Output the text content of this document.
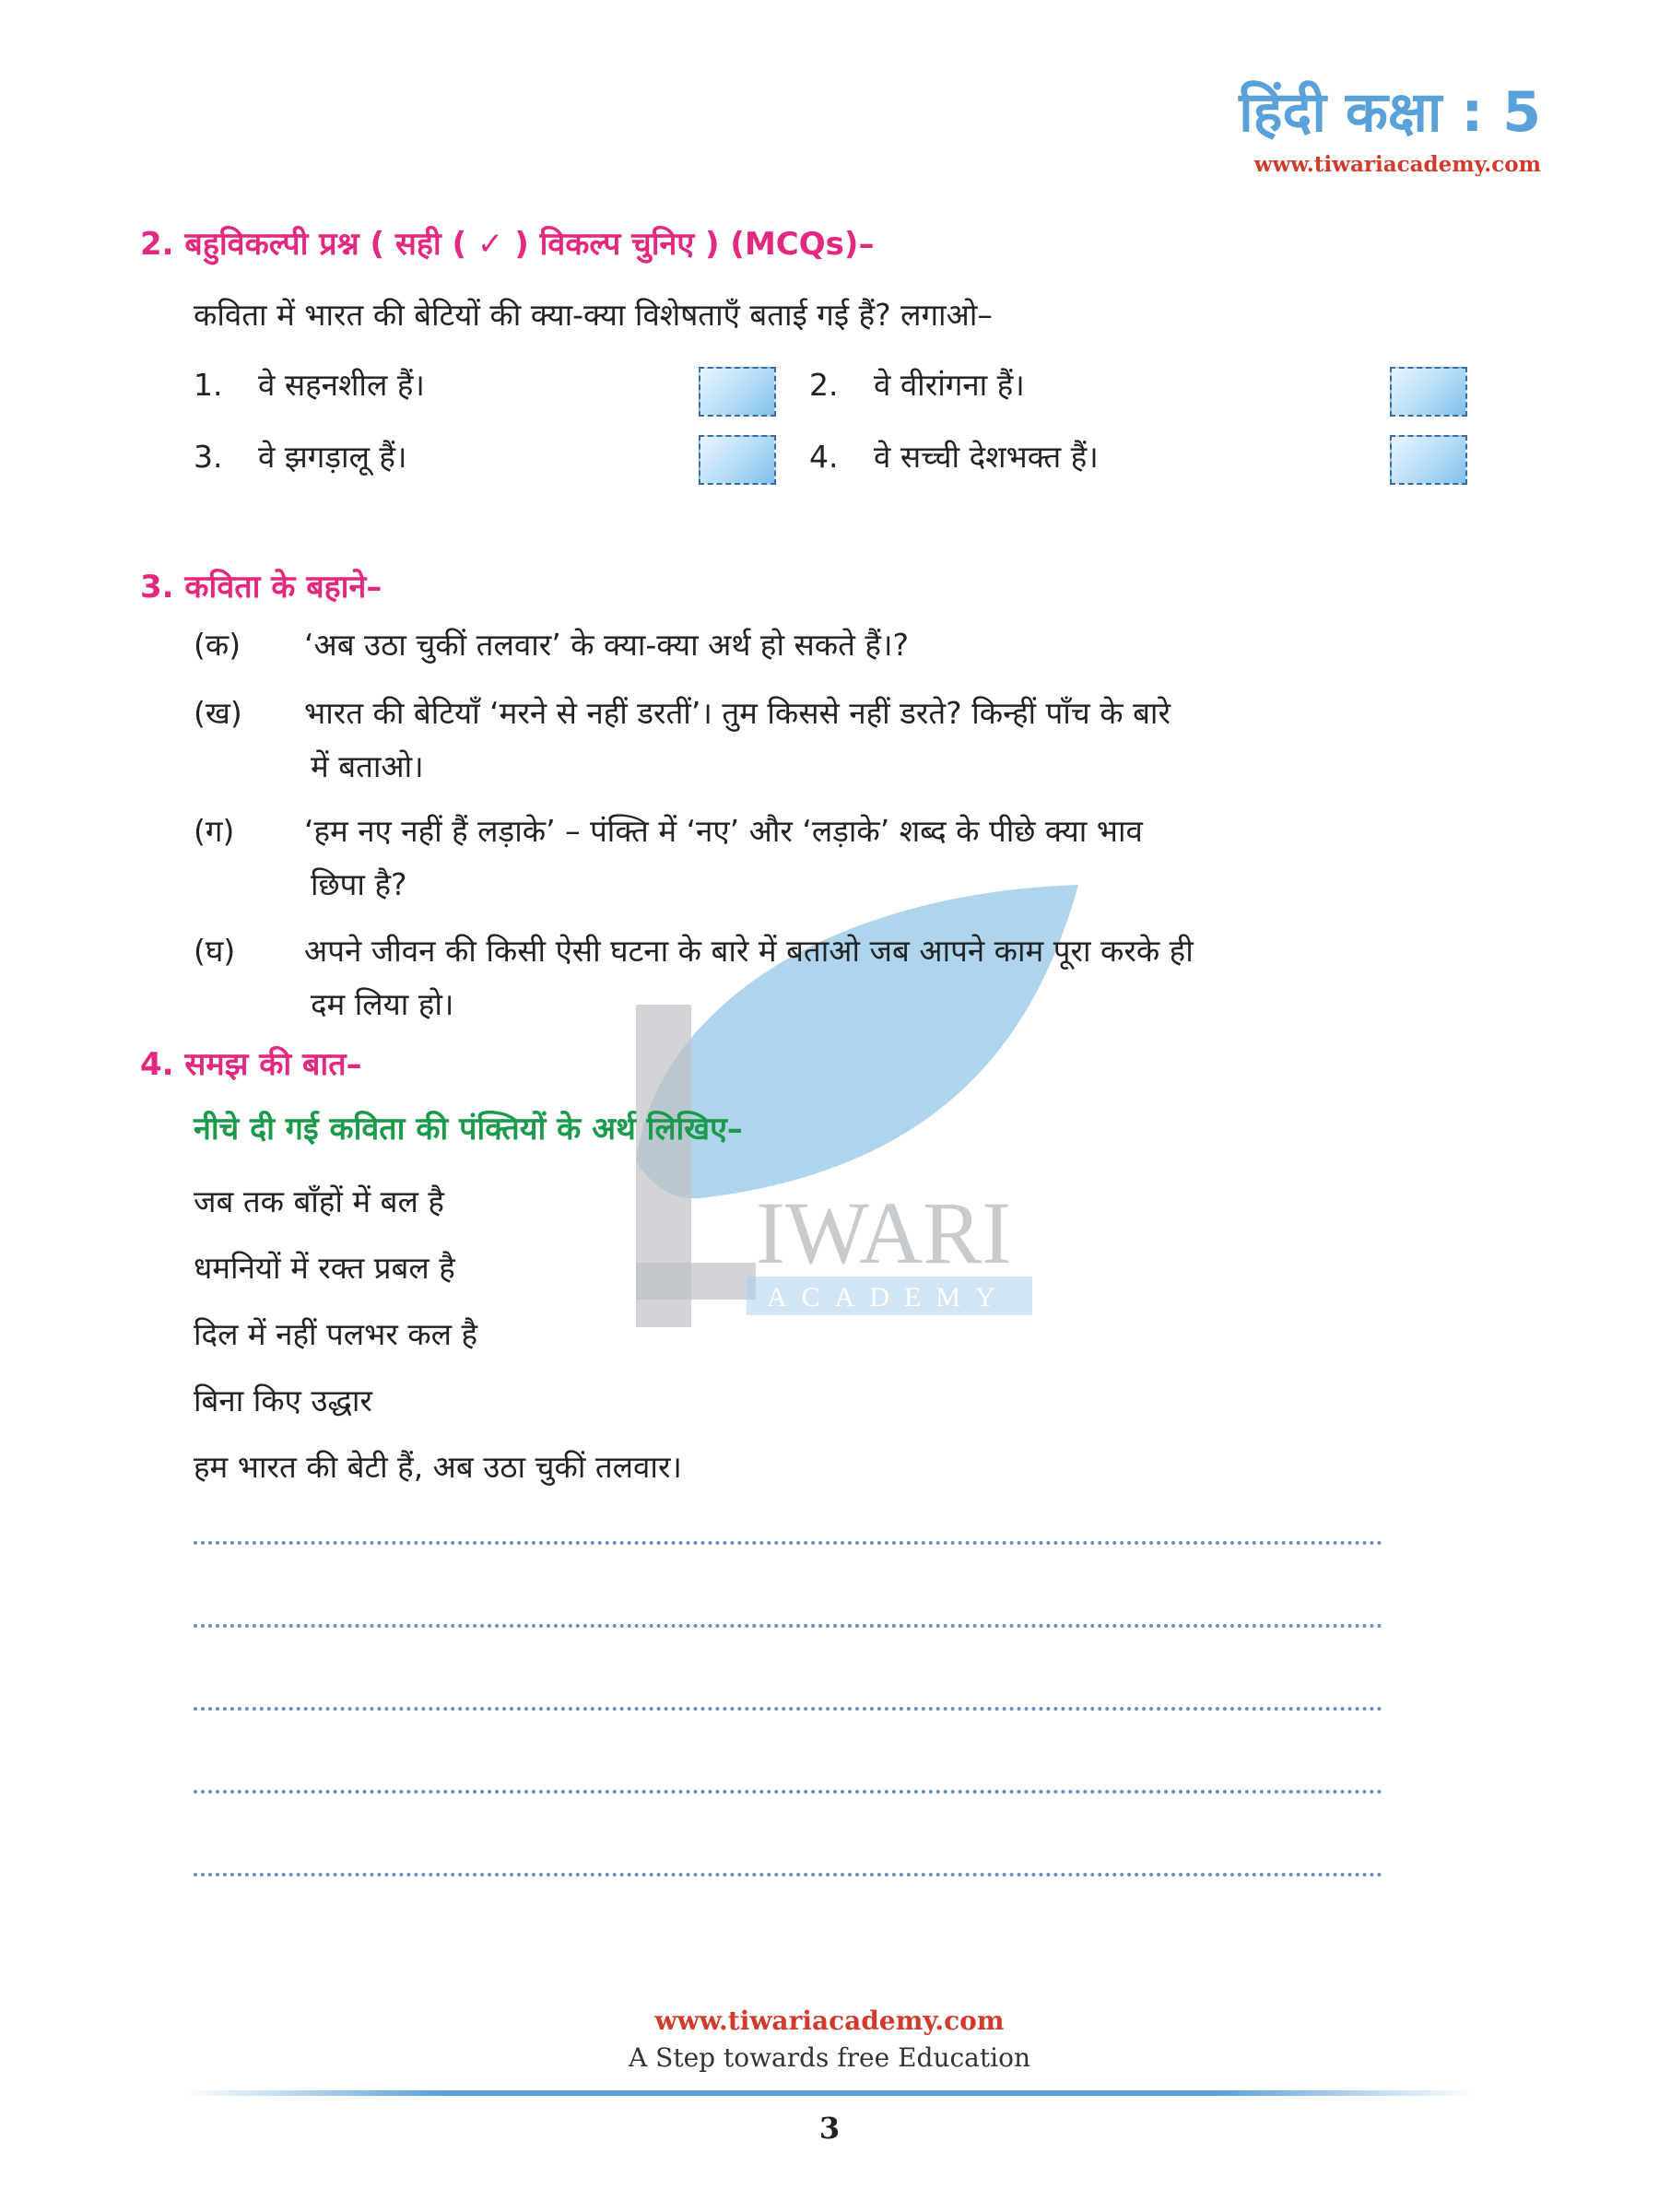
हिंदी कक्षा : 5
www.tiwariacademy.com
IWARI
ACADEMY
2. बहुविकल्पी प्रश्न ( सही ( ✓ ) विकल्प चुनिए ) (MCQs)–
कविता में भारत की बेटियों की क्या-क्या विशेषताएँ बताई गई हैं? लगाओ–
1. वे सहनशील हैं।	2. वे वीरांगना हैं।
3. वे झगड़ालू हैं।	4. वे सच्ची देशभक्त हैं।
3. कविता के बहाने–
(क) ‘अब उठा चुकीं तलवार’ के क्या-क्या अर्थ हो सकते हैं।?
(ख) भारत की बेटियाँ ‘मरने से नहीं डरतीं’। तुम किससे नहीं डरते? किन्हीं पाँच के बारे
में बताओ।
(ग) ‘हम नए नहीं हैं लड़ाके’ – पंक्ति में ‘नए’ और ‘लड़ाके’ शब्द के पीछे क्या भाव
छिपा है?
(घ) अपने जीवन की किसी ऐसी घटना के बारे में बताओ जब आपने काम पूरा करके ही
दम लिया हो।
4. समझ की बात–
नीचे दी गई कविता की पंक्तियों के अर्थ लिखिए–
जब तक बाँहों में बल है
धमनियों में रक्त प्रबल है
दिल में नहीं पलभर कल है
बिना किए उद्धार
हम भारत की बेटी हैं, अब उठा चुकीं तलवार।
www.tiwariacademy.com
A Step towards free Education
3
